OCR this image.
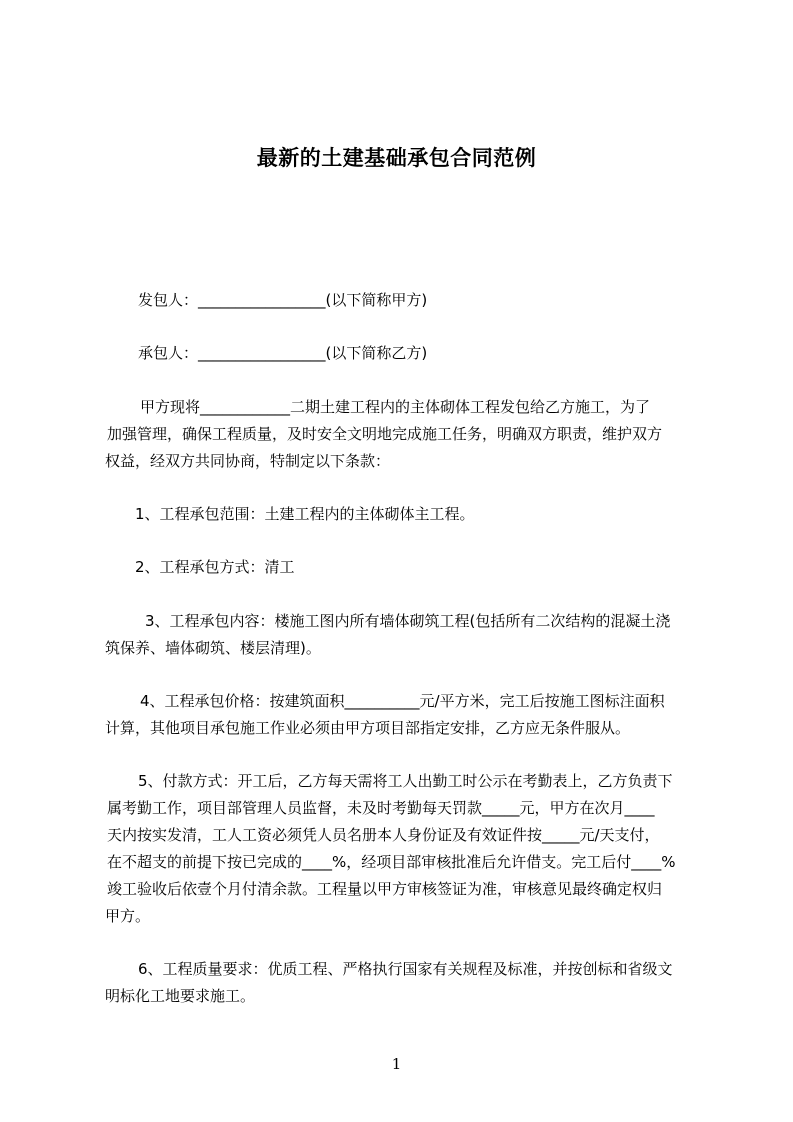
最新的土建基础承包合同范例
发包人：_________________(以下简称甲方)
承包人：_________________(以下简称乙方)
甲方现将____________二期土建工程内的主体砌体工程发包给乙方施工，为了
加强管理，确保工程质量，及时安全文明地完成施工任务，明确双方职责，维护双方
权益，经双方共同协商，特制定以下条款：
1、工程承包范围：土建工程内的主体砌体主工程。
2、工程承包方式：清工
3、工程承包内容：楼施工图内所有墙体砌筑工程(包括所有二次结构的混凝土浇
筑保养、墙体砌筑、楼层清理)。
4、工程承包价格：按建筑面积__________元/平方米，完工后按施工图标注面积
计算，其他项目承包施工作业必须由甲方项目部指定安排，乙方应无条件服从。
5、付款方式：开工后，乙方每天需将工人出勤工时公示在考勤表上，乙方负责下
属考勤工作，项目部管理人员监督，未及时考勤每天罚款_____元，甲方在次月____
天内按实发清，工人工资必须凭人员名册本人身份证及有效证件按_____元/天支付，
在不超支的前提下按已完成的____%，经项目部审核批准后允许借支。完工后付____%
竣工验收后依壹个月付清余款。工程量以甲方审核签证为准，审核意见最终确定权归
甲方。
6、工程质量要求：优质工程、严格执行国家有关规程及标准，并按创标和省级文
明标化工地要求施工。
1
